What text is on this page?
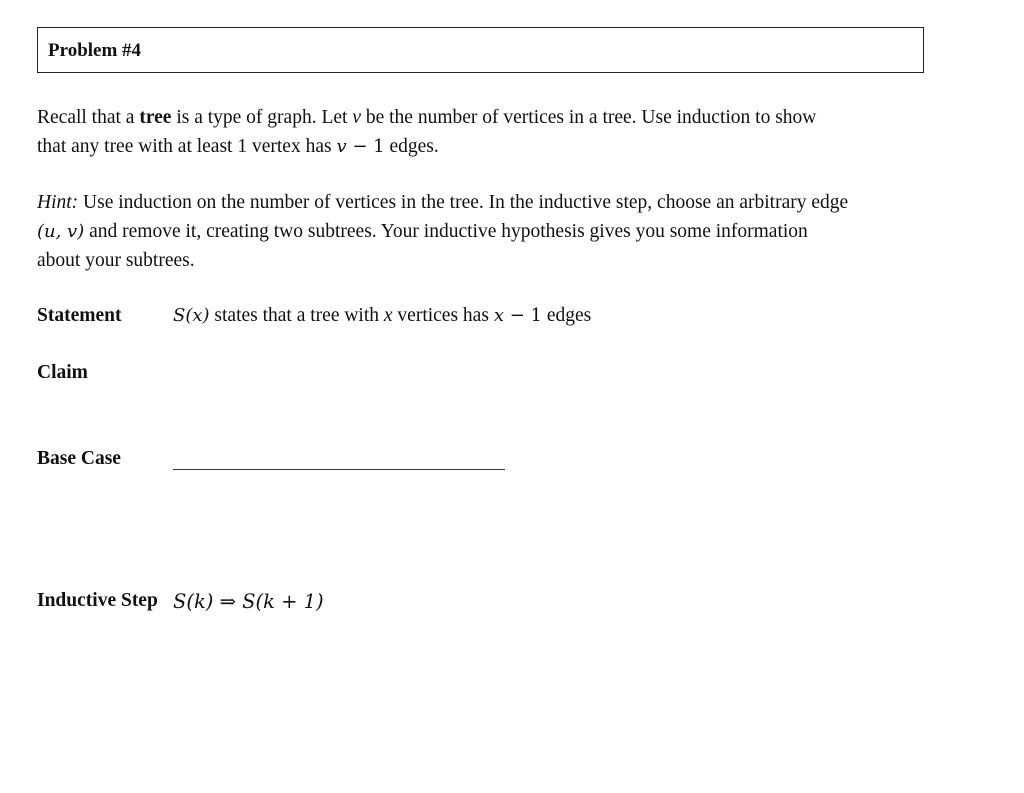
Problem #4
Recall that a tree is a type of graph. Let v be the number of vertices in a tree. Use induction to show
that any tree with at least 1 vertex has v − 1 edges.
Hint: Use induction on the number of vertices in the tree. In the inductive step, choose an arbitrary edge
(u, v) and remove it, creating two subtrees. Your inductive hypothesis gives you some information
about your subtrees.
Statement	S(x) states that a tree with x vertices has x − 1 edges
Claim
Base Case
Inductive Step S(k) ⇒ S(k + 1)
